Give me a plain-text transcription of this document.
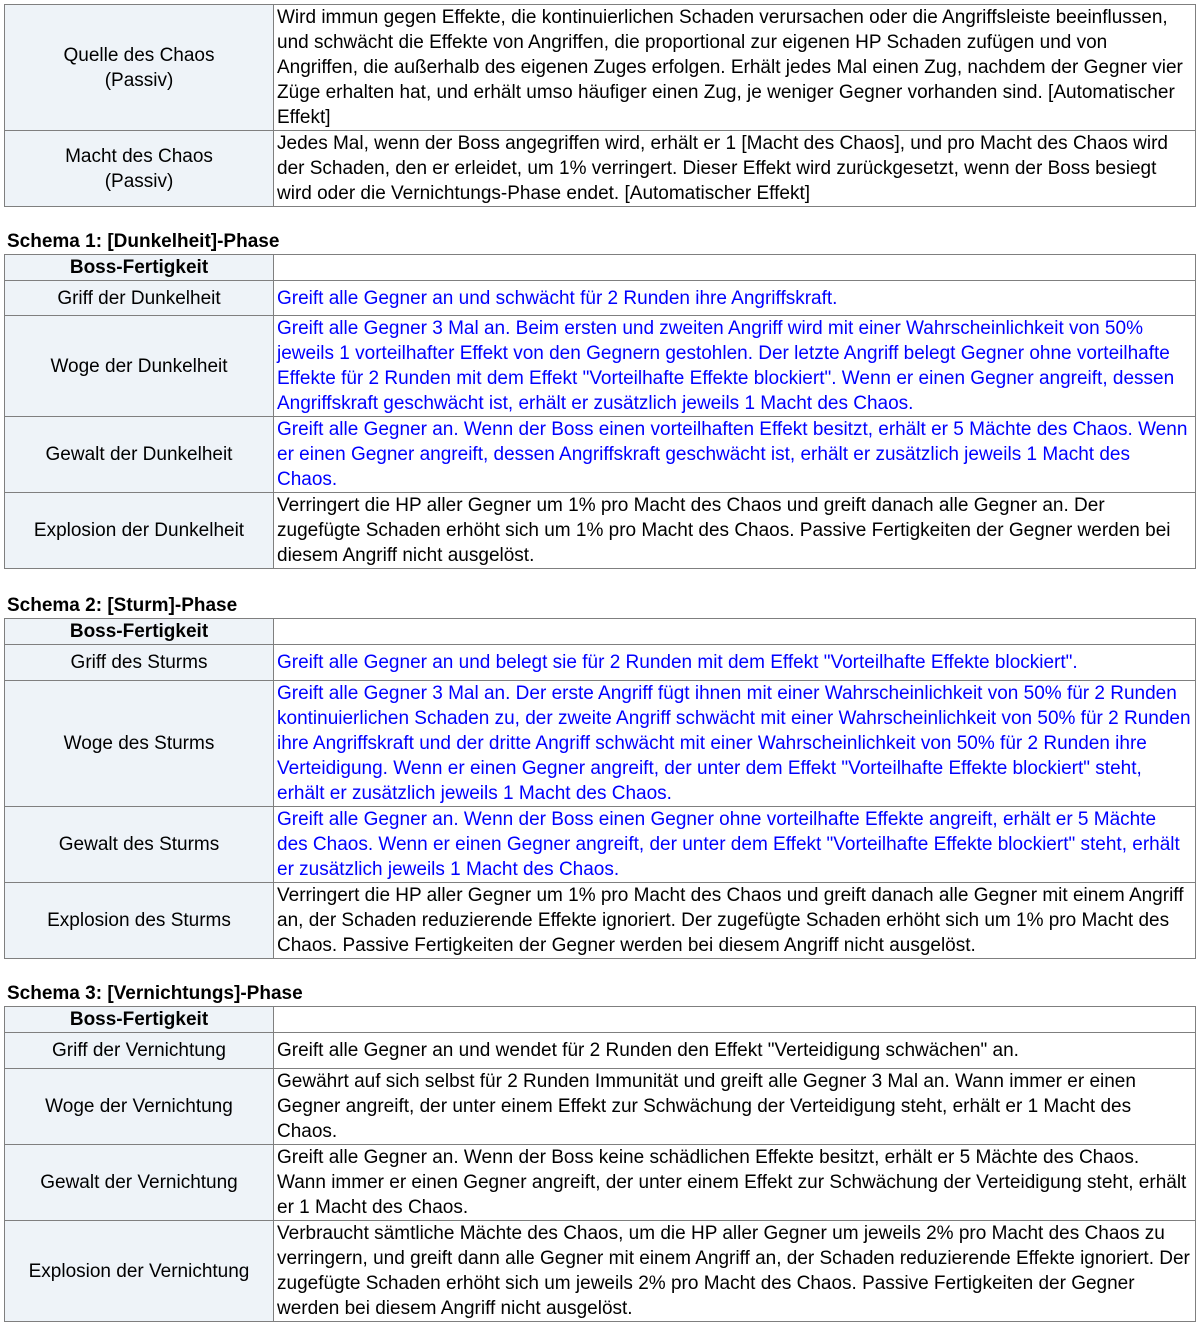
Quelle des Chaos
(Passiv)	Wird immun gegen Effekte, die kontinuierlichen Schaden verursachen oder die Angriffsleiste beeinflussen, und schwächt die Effekte von Angriffen, die proportional zur eigenen HP Schaden zufügen und von Angriffen, die außerhalb des eigenen Zuges erfolgen. Erhält jedes Mal einen Zug, nachdem der Gegner vier Züge erhalten hat, und erhält umso häufiger einen Zug, je weniger Gegner vorhanden sind. [Automatischer Effekt]

Macht des Chaos
(Passiv)	Jedes Mal, wenn der Boss angegriffen wird, erhält er 1 [Macht des Chaos], und pro Macht des Chaos wird der Schaden, den er erleidet, um 1% verringert. Dieser Effekt wird zurückgesetzt, wenn der Boss besiegt wird oder die Vernichtungs-Phase endet. [Automatischer Effekt]
Schema 1: [Dunkelheit]-Phase
Boss-Fertigkeit	
Griff der Dunkelheit	Greift alle Gegner an und schwächt für 2 Runden ihre Angriffskraft.
Woge der Dunkelheit	Greift alle Gegner 3 Mal an. Beim ersten und zweiten Angriff wird mit einer Wahrscheinlichkeit von 50% jeweils 1 vorteilhafter Effekt von den Gegnern gestohlen. Der letzte Angriff belegt Gegner ohne vorteilhafte Effekte für 2 Runden mit dem Effekt "Vorteilhafte Effekte blockiert". Wenn er einen Gegner angreift, dessen Angriffskraft geschwächt ist, erhält er zusätzlich jeweils 1 Macht des Chaos.
Gewalt der Dunkelheit	Greift alle Gegner an. Wenn der Boss einen vorteilhaften Effekt besitzt, erhält er 5 Mächte des Chaos. Wenn er einen Gegner angreift, dessen Angriffskraft geschwächt ist, erhält er zusätzlich jeweils 1 Macht des Chaos.
Explosion der Dunkelheit	Verringert die HP aller Gegner um 1% pro Macht des Chaos und greift danach alle Gegner an. Der zugefügte Schaden erhöht sich um 1% pro Macht des Chaos. Passive Fertigkeiten der Gegner werden bei diesem Angriff nicht ausgelöst.
Schema 2: [Sturm]-Phase
Boss-Fertigkeit	
Griff des Sturms	Greift alle Gegner an und belegt sie für 2 Runden mit dem Effekt "Vorteilhafte Effekte blockiert".
Woge des Sturms	Greift alle Gegner 3 Mal an. Der erste Angriff fügt ihnen mit einer Wahrscheinlichkeit von 50% für 2 Runden kontinuierlichen Schaden zu, der zweite Angriff schwächt mit einer Wahrscheinlichkeit von 50% für 2 Runden ihre Angriffskraft und der dritte Angriff schwächt mit einer Wahrscheinlichkeit von 50% für 2 Runden ihre Verteidigung. Wenn er einen Gegner angreift, der unter dem Effekt "Vorteilhafte Effekte blockiert" steht, erhält er zusätzlich jeweils 1 Macht des Chaos.
Gewalt des Sturms	Greift alle Gegner an. Wenn der Boss einen Gegner ohne vorteilhafte Effekte angreift, erhält er 5 Mächte des Chaos. Wenn er einen Gegner angreift, der unter dem Effekt "Vorteilhafte Effekte blockiert" steht, erhält er zusätzlich jeweils 1 Macht des Chaos.
Explosion des Sturms	Verringert die HP aller Gegner um 1% pro Macht des Chaos und greift danach alle Gegner mit einem Angriff an, der Schaden reduzierende Effekte ignoriert. Der zugefügte Schaden erhöht sich um 1% pro Macht des Chaos. Passive Fertigkeiten der Gegner werden bei diesem Angriff nicht ausgelöst.
Schema 3: [Vernichtungs]-Phase
Boss-Fertigkeit	
Griff der Vernichtung	Greift alle Gegner an und wendet für 2 Runden den Effekt "Verteidigung schwächen" an.
Woge der Vernichtung	Gewährt auf sich selbst für 2 Runden Immunität und greift alle Gegner 3 Mal an. Wann immer er einen Gegner angreift, der unter einem Effekt zur Schwächung der Verteidigung steht, erhält er 1 Macht des Chaos.
Gewalt der Vernichtung	Greift alle Gegner an. Wenn der Boss keine schädlichen Effekte besitzt, erhält er 5 Mächte des Chaos. Wann immer er einen Gegner angreift, der unter einem Effekt zur Schwächung der Verteidigung steht, erhält er 1 Macht des Chaos.
Explosion der Vernichtung	Verbraucht sämtliche Mächte des Chaos, um die HP aller Gegner um jeweils 2% pro Macht des Chaos zu verringern, und greift dann alle Gegner mit einem Angriff an, der Schaden reduzierende Effekte ignoriert. Der zugefügte Schaden erhöht sich um jeweils 2% pro Macht des Chaos. Passive Fertigkeiten der Gegner werden bei diesem Angriff nicht ausgelöst.
